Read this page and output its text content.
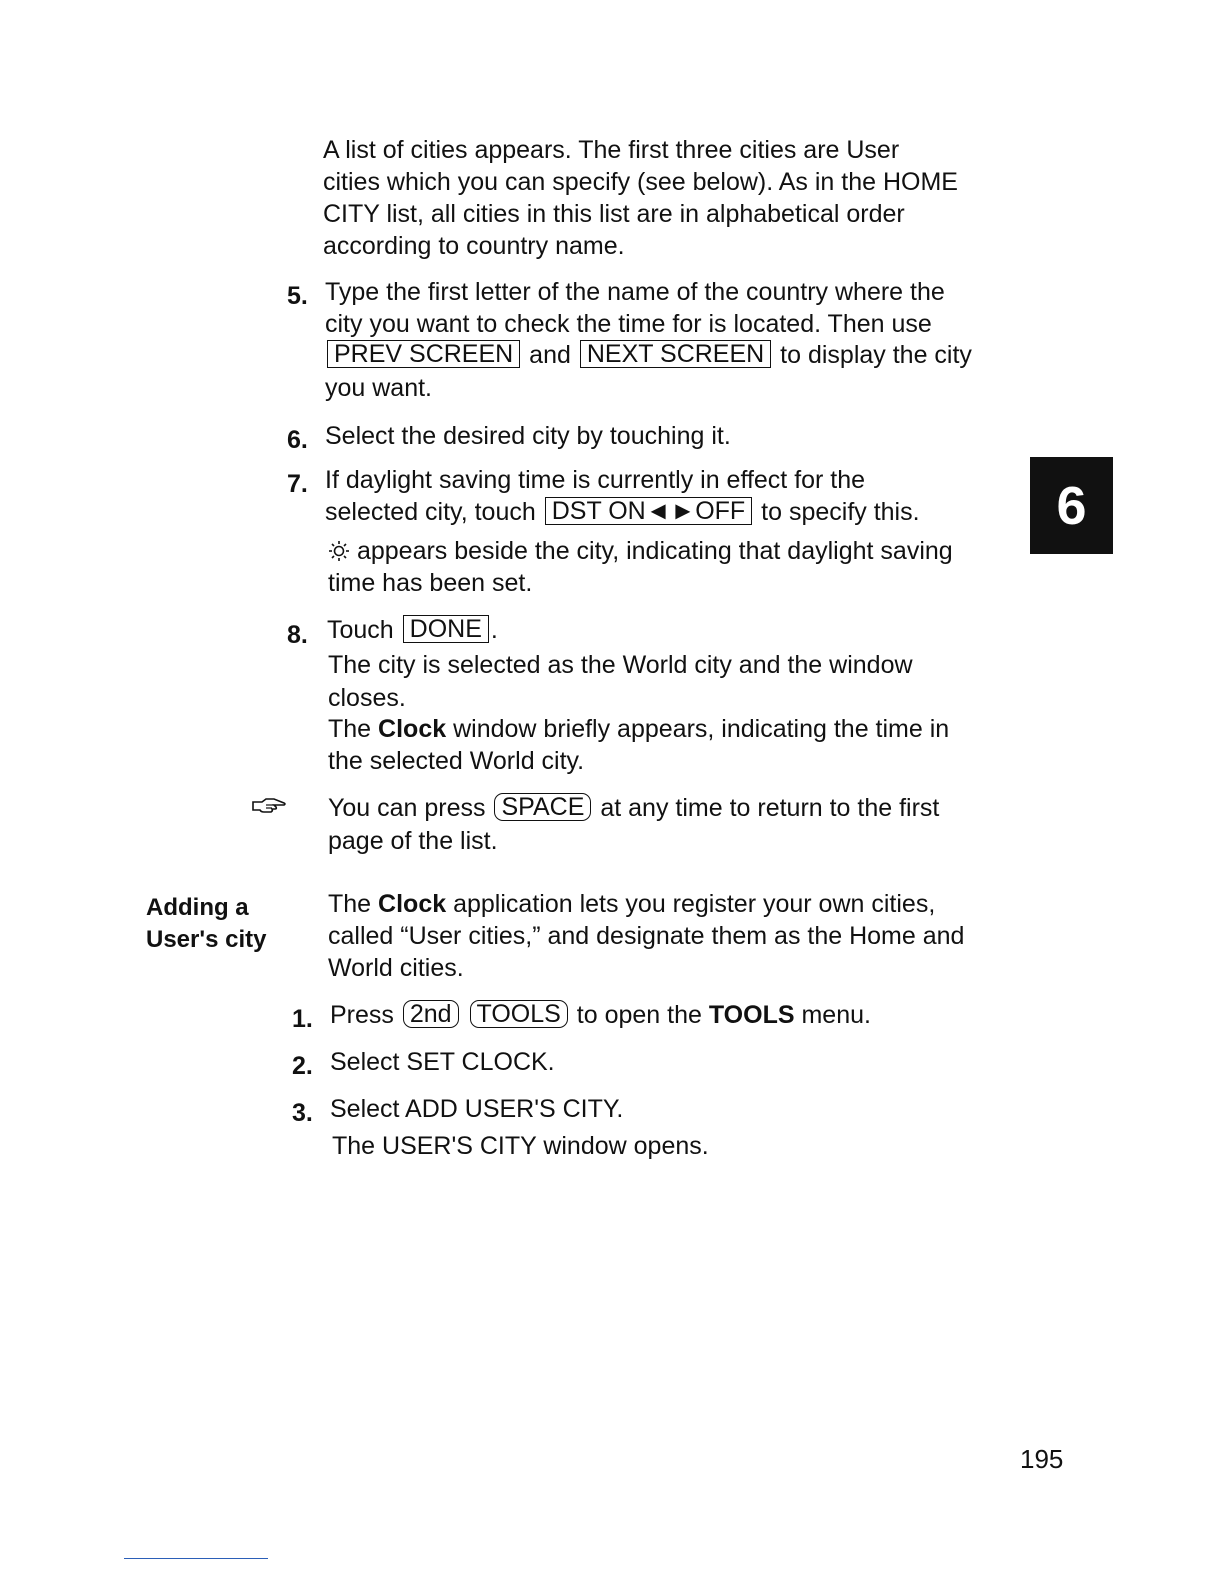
A list of cities appears. The first three cities are User
cities which you can specify (see below). As in the HOME
CITY list, all cities in this list are in alphabetical order
according to country name.
5. Type the first letter of the name of the country where the
city you want to check the time for is located. Then use
PREV SCREEN and NEXT SCREEN to display the city
you want.
6. Select the desired city by touching it.
7. If daylight saving time is currently in effect for the
selected city, touch DST ON◄►OFF to specify this.
appears beside the city, indicating that daylight saving
time has been set.
8. Touch DONE .
The city is selected as the World city and the window
closes.
The Clock window briefly appears, indicating the time in
the selected World city.
You can press SPACE at any time to return to the first
page of the list.
Adding a
User's city
The Clock application lets you register your own cities,
called “User cities,” and designate them as the Home and
World cities.
1. Press 2nd TOOLS to open the TOOLS menu.
2. Select SET CLOCK.
3. Select ADD USER'S CITY.
The USER'S CITY window opens.
6
195
